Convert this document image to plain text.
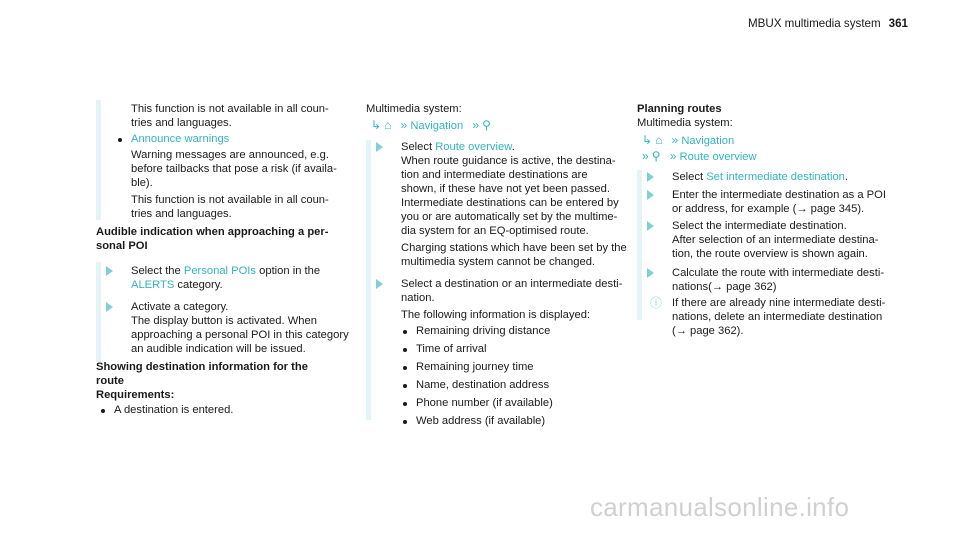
MBUX multimedia system 361
This function is not available in all coun-
tries and languages.
Announce warnings
Warning messages are announced, e.g.
before tailbacks that pose a risk (if availa-
ble).
This function is not available in all coun-
tries and languages.
Audible indication when approaching a per-
sonal POI
Select the Personal POIs option in the
ALERTS category.
Activate a category.
The display button is activated. When
approaching a personal POI in this category
an audible indication will be issued.
Showing destination information for the
route
Requirements:
A destination is entered.
Multimedia system:
↳ ⌂ » Navigation » ⚲
Select Route overview.
When route guidance is active, the destina-
tion and intermediate destinations are
shown, if these have not yet been passed.
Intermediate destinations can be entered by
you or are automatically set by the multime-
dia system for an EQ-optimised route.
Charging stations which have been set by the
multimedia system cannot be changed.
Select a destination or an intermediate desti-
nation.
The following information is displayed:
Remaining driving distance
Time of arrival
Remaining journey time
Name, destination address
Phone number (if available)
Web address (if available)
Planning routes
Multimedia system:
↳ ⌂ » Navigation
» ⚲ » Route overview
Select Set intermediate destination.
Enter the intermediate destination as a POI
or address, for example (→ page 345).
Select the intermediate destination.
After selection of an intermediate destina-
tion, the route overview is shown again.
Calculate the route with intermediate desti-
nations(→ page 362)
ⓘ If there are already nine intermediate desti-
nations, delete an intermediate destination
(→ page 362).
carmanualsonline.info
